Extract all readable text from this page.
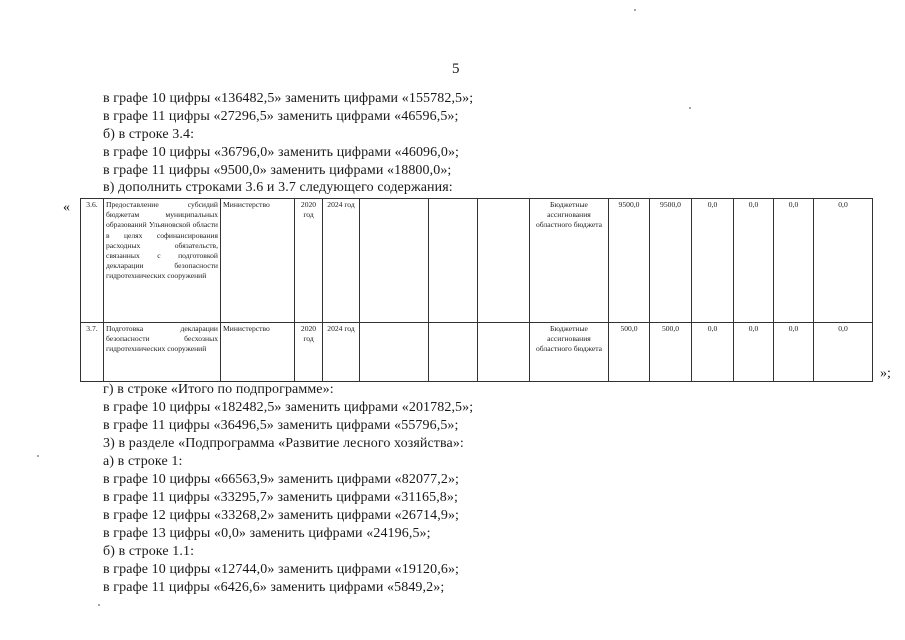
5
в графе 10 цифры «136482,5» заменить цифрами «155782,5»;
в графе 11 цифры «27296,5» заменить цифрами «46596,5»;
б) в строке 3.4:
в графе 10 цифры «36796,0» заменить цифрами «46096,0»;
в графе 11 цифры «9500,0» заменить цифрами «18800,0»;
в) дополнить строками 3.6 и 3.7 следующего содержания:
« 3.6.	Предоставление субсидий бюджетам муниципальных образований Ульяновской области в целях софинансирования расходных обязательств, связанных с подготовкой декларации безопасности гидротехнических сооружений	Министерство	2020 год	2024 год				Бюджетные ассигнования областного бюджета	9500,0	9500,0	0,0	0,0	0,0	0,0
3.7.	Подготовка декларации безопасности бесхозных гидротехнических сооружений	Министерство	2020 год	2024 год				Бюджетные ассигнования областного бюджета	500,0	500,0	0,0	0,0	0,0	0,0
»;
г) в строке «Итого по подпрограмме»:
в графе 10 цифры «182482,5» заменить цифрами «201782,5»;
в графе 11 цифры «36496,5» заменить цифрами «55796,5»;
3) в разделе «Подпрограмма «Развитие лесного хозяйства»:
а) в строке 1:
в графе 10 цифры «66563,9» заменить цифрами «82077,2»;
в графе 11 цифры «33295,7» заменить цифрами «31165,8»;
в графе 12 цифры «33268,2» заменить цифрами «26714,9»;
в графе 13 цифры «0,0» заменить цифрами «24196,5»;
б) в строке 1.1:
в графе 10 цифры «12744,0» заменить цифрами «19120,6»;
в графе 11 цифры «6426,6» заменить цифрами «5849,2»;
